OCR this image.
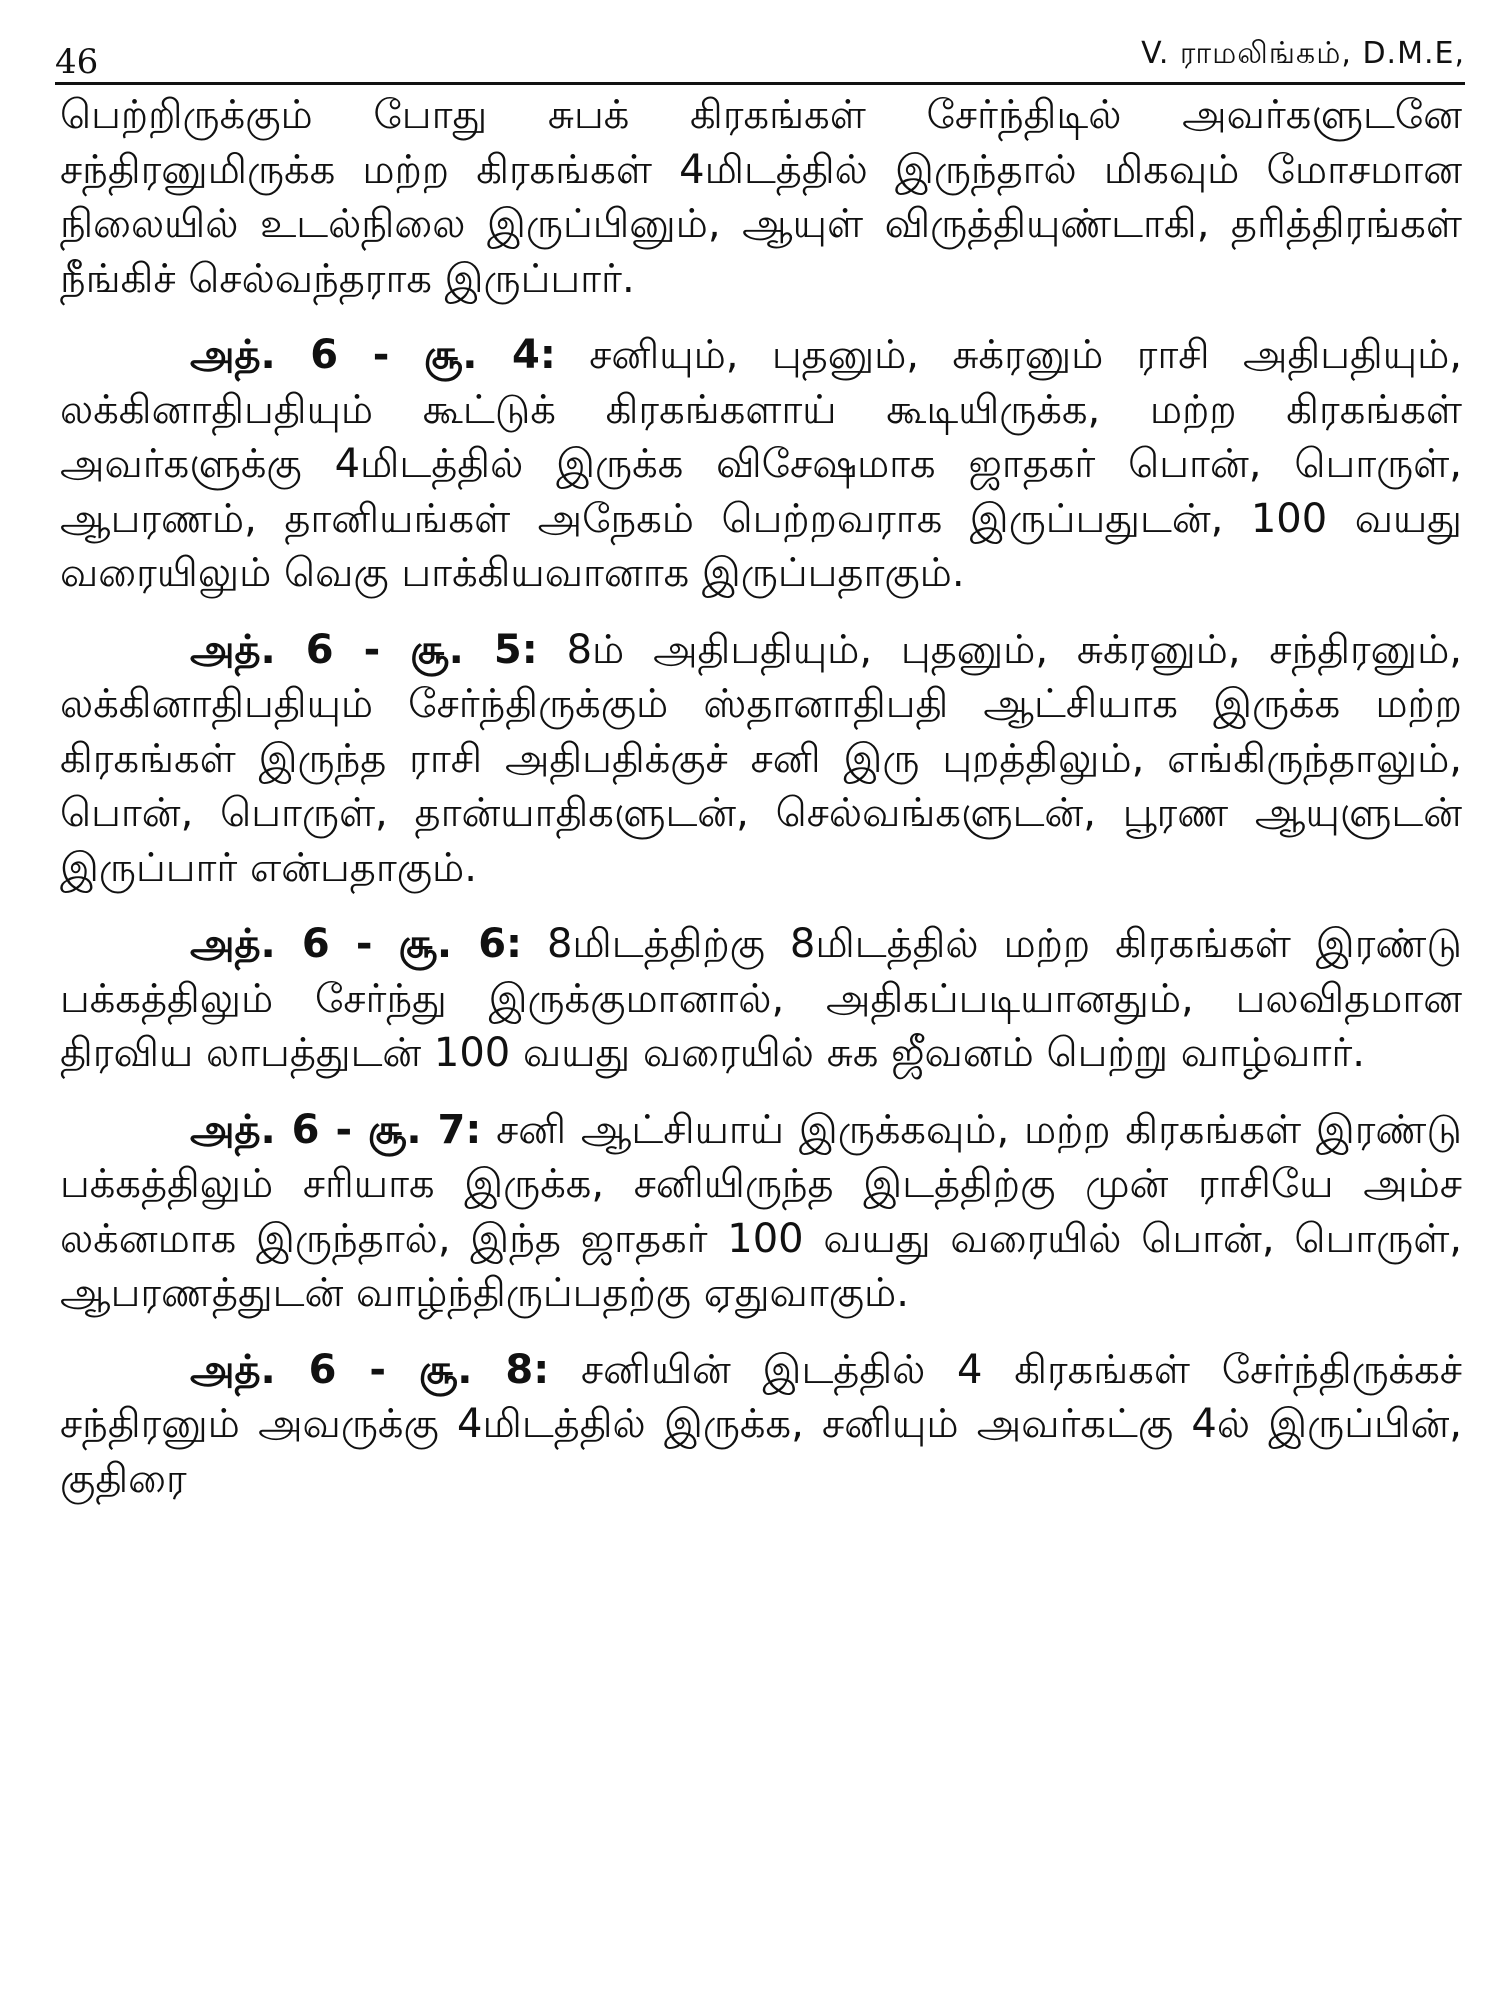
46	V. ராமலிங்கம், D.M.E,

பெற்றிருக்கும் போது சுபக் கிரகங்கள் சேர்ந்திடில் அவர்களுடனே சந்திரனுமிருக்க மற்ற கிரகங்கள் 4மிடத்தில் இருந்தால் மிகவும் மோசமான நிலையில் உடல்நிலை இருப்பினும், ஆயுள் விருத்தியுண்டாகி, தரித்திரங்கள் நீங்கிச் செல்வந்தராக இருப்பார்.

அத். 6 - சூ. 4: சனியும், புதனும், சுக்ரனும் ராசி அதிபதியும், லக்கினாதிபதியும் கூட்டுக் கிரகங்களாய் கூடியிருக்க, மற்ற கிரகங்கள் அவர்களுக்கு 4மிடத்தில் இருக்க விசேஷமாக ஜாதகர் பொன், பொருள், ஆபரணம், தானியங்கள் அநேகம் பெற்றவராக இருப்பதுடன், 100 வயது வரையிலும் வெகு பாக்கியவானாக இருப்பதாகும்.

அத். 6 - சூ. 5: 8ம் அதிபதியும், புதனும், சுக்ரனும், சந்திரனும், லக்கினாதிபதியும் சேர்ந்திருக்கும் ஸ்தானாதிபதி ஆட்சியாக இருக்க மற்ற கிரகங்கள் இருந்த ராசி அதிபதிக்குச் சனி இரு புறத்திலும், எங்கிருந்தாலும், பொன், பொருள், தான்யாதிகளுடன், செல்வங்களுடன், பூரண ஆயுளுடன் இருப்பார் என்பதாகும்.

அத். 6 - சூ. 6: 8மிடத்திற்கு 8மிடத்தில் மற்ற கிரகங்கள் இரண்டு பக்கத்திலும் சேர்ந்து இருக்குமானால், அதிகப்படியானதும், பலவிதமான திரவிய லாபத்துடன் 100 வயது வரையில் சுக ஜீவனம் பெற்று வாழ்வார்.

அத். 6 - சூ. 7: சனி ஆட்சியாய் இருக்கவும், மற்ற கிரகங்கள் இரண்டு பக்கத்திலும் சரியாக இருக்க, சனியிருந்த இடத்திற்கு முன் ராசியே அம்ச லக்னமாக இருந்தால், இந்த ஜாதகர் 100 வயது வரையில் பொன், பொருள், ஆபரணத்துடன் வாழ்ந்திருப்பதற்கு ஏதுவாகும்.

அத். 6 - சூ. 8: சனியின் இடத்தில் 4 கிரகங்கள் சேர்ந்திருக்கச் சந்திரனும் அவருக்கு 4மிடத்தில் இருக்க, சனியும் அவர்கட்கு 4ல் இருப்பின், குதிரை
